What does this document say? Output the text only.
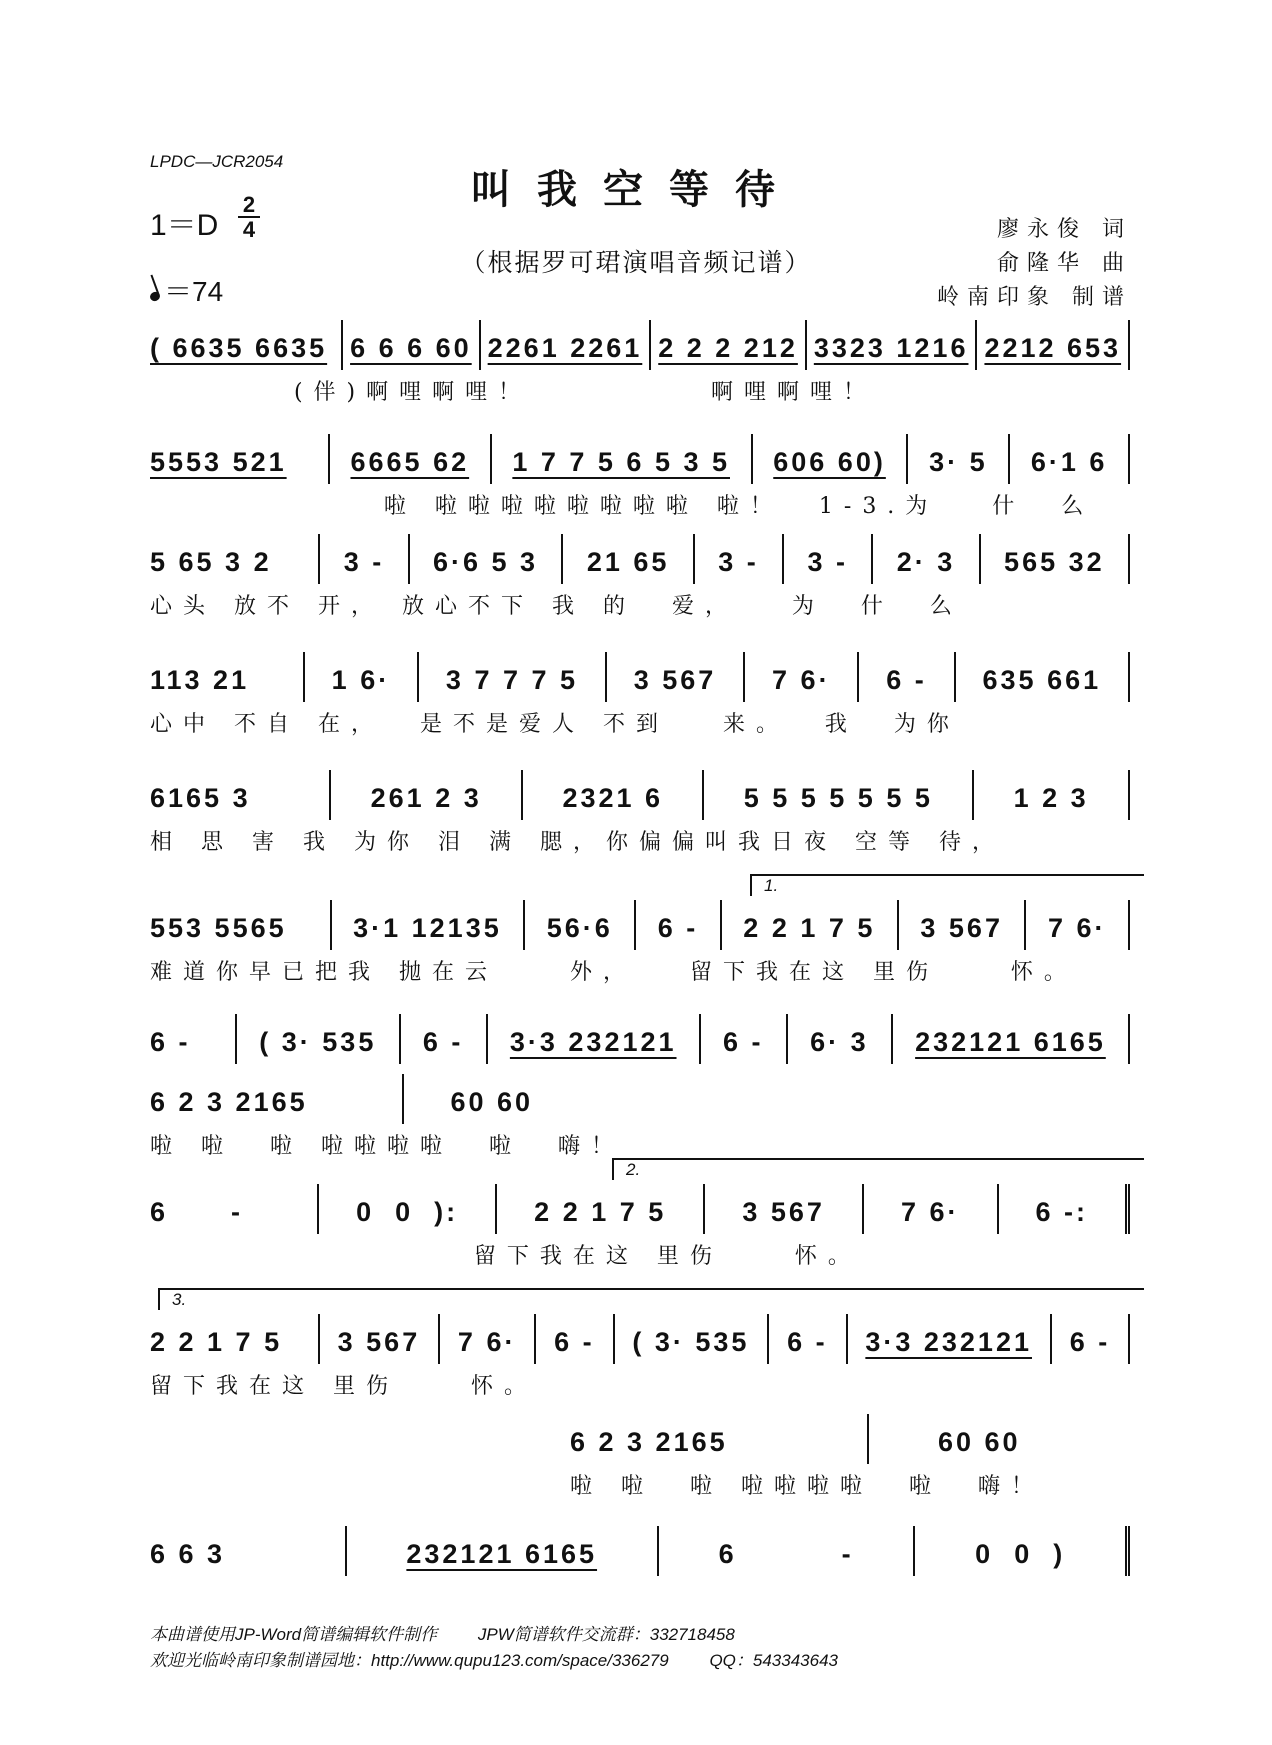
LPDC—JCR2054
叫我空等待
（根据罗可珺演唱音频记谱）
廖永俊 词
俞隆华 曲
岭南印象 制谱
1＝D
2
4
＝74
( 6635 6635 6 6 6 60 2261 2261 2 2 2 212 3323 1216 2212 653
(伴)啊哩啊哩！          啊哩啊哩！
5553 521	6665 62	1 7 7 5 6 5 3 5	606 60)	3· 5	6·1 6
啦 啦啦啦啦啦啦啦啦 啦！  1-3.为   什  么
5 65 3 2	3 -	6·6 5 3	21 65	3 -	3 -	2· 3	565 32
心头 放不 开， 放心不下 我 的  爱，   为  什  么
113 21	1 6·	3 7 7 7 5	3 567	7 6·	6 -	635 661
心中 不自 在，  是不是爱人 不到   来。  我  为你
6165 3	261 2 3	2321 6	5 5 5 5 5 5 5	1 2 3
相 思 害 我 为你 泪 满 腮，你偏偏叫我日夜 空等 待，
1.
553 5565	3·1 12135	56·6	6 -	2 2 1 7 5	3 567	7 6·
难道你早已把我 抛在云    外，   留下我在这 里伤    怀。
6 -	( 3· 535	6 -	3·3 232121	6 -	6· 3	232121 6165
6 2 3 2165	60 60
啦 啦  啦 啦啦啦啦  啦  嗨！
2.
6      -	0  0  ):	2 2 1 7 5	3 567	7 6·	6 -:
留下我在这 里伤    怀。
3.
2 2 1 7 5	3 567	7 6·	6 -	( 3· 535	6 -	3·3 232121	6 -
留下我在这 里伤    怀。
6 2 3 2165	60 60
啦 啦  啦 啦啦啦啦  啦  嗨！
6 6 3	232121 6165	6          -	0  0  )
本曲谱使用JP-Word简谱编辑软件制作 JPW简谱软件交流群：332718458
欢迎光临岭南印象制谱园地：http://www.qupu123.com/space/336279 QQ：543343643
